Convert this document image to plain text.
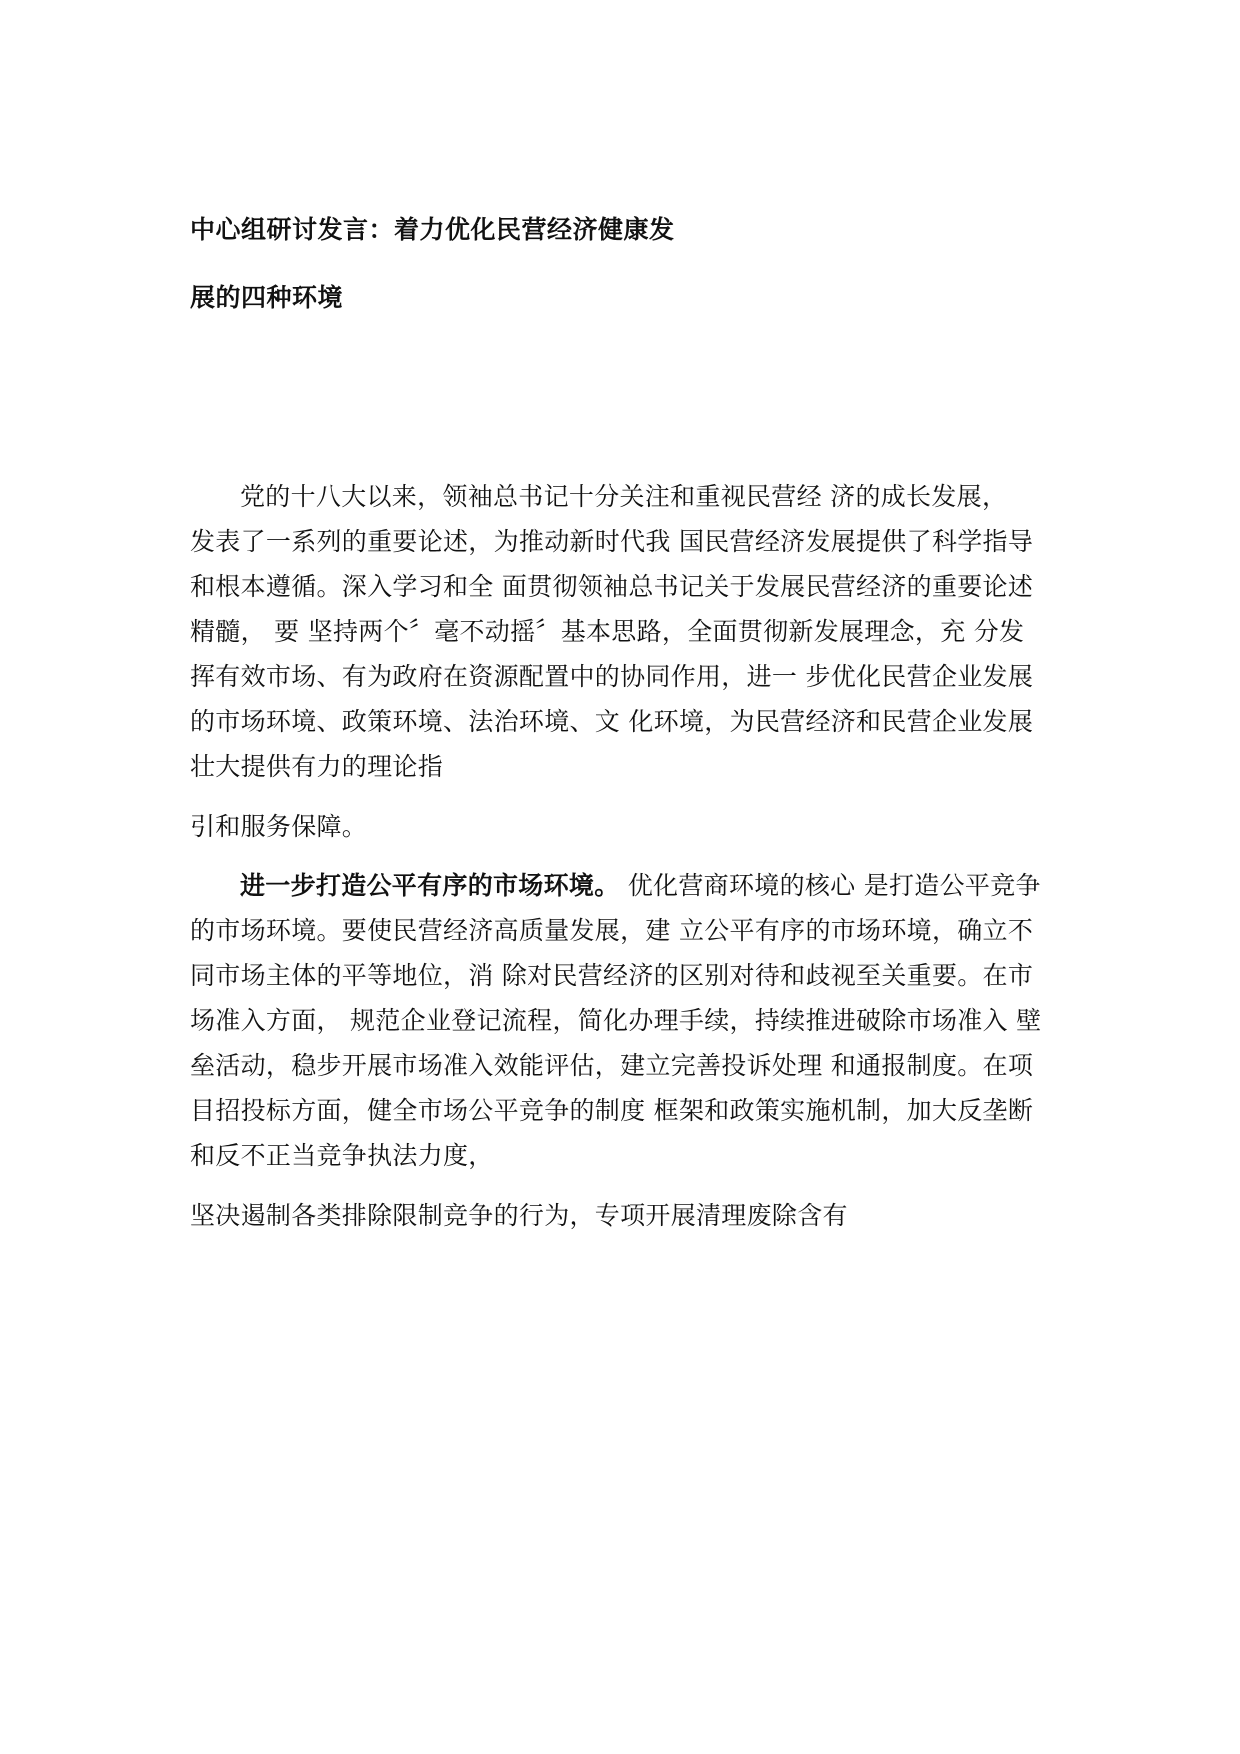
中心组研讨发言：着力优化民营经济健康发
展的四种环境
党的十八大以来，领袖总书记十分关注和重视民营经 济的成长发展，
发表了一系列的重要论述，为推动新时代我 国民营经济发展提供了科学指导
和根本遵循。深入学习和全 面贯彻领袖总书记关于发展民营经济的重要论述
精髓， 要 坚持两个〞毫不动摇〞基本思路，全面贯彻新发展理念，充 分发
挥有效市场、有为政府在资源配置中的协同作用，进一 步优化民营企业发展
的市场环境、政策环境、法治环境、文 化环境，为民营经济和民营企业发展
壮大提供有力的理论指
引和服务保障。
进一步打造公平有序的市场环境。 优化营商环境的核心 是打造公平竞争
的市场环境。要使民营经济高质量发展，建 立公平有序的市场环境，确立不
同市场主体的平等地位，消 除对民营经济的区别对待和歧视至关重要。在市
场准入方面， 规范企业登记流程，简化办理手续，持续推进破除市场准入 壁
垒活动，稳步开展市场准入效能评估，建立完善投诉处理 和通报制度。在项
目招投标方面，健全市场公平竞争的制度 框架和政策实施机制，加大反垄断
和反不正当竞争执法力度，
坚决遏制各类排除限制竞争的行为，专项开展清理废除含有
